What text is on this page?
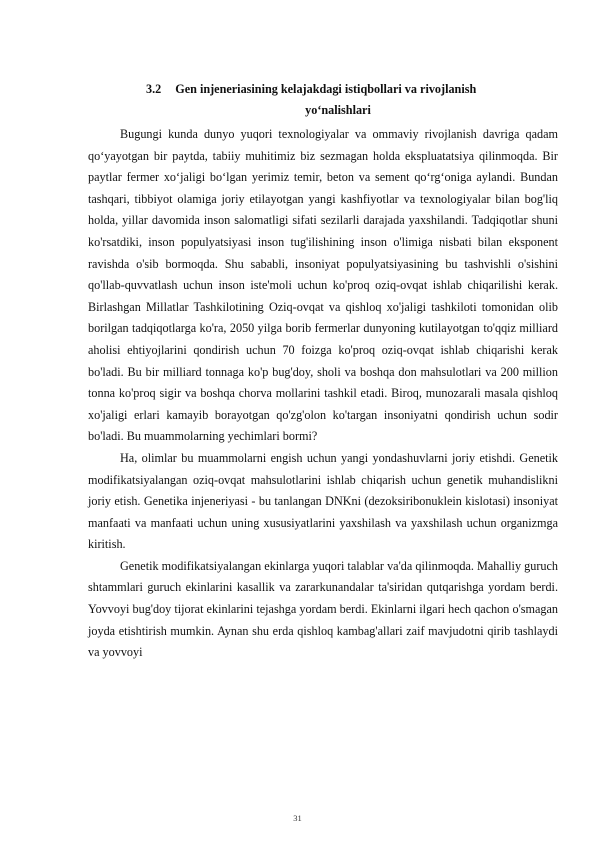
3.2 Gen injeneriasining kelajakdagi istiqbollari va rivojlanish
yo‘nalishlari

Bugungi kunda dunyo yuqori texnologiyalar va ommaviy rivojlanish davriga qadam qo‘yayotgan bir paytda, tabiiy muhitimiz biz sezmagan holda ekspluatatsiya qilinmoqda. Bir paytlar fermer xo‘jaligi bo‘lgan yerimiz temir, beton va sement qo‘rg‘oniga aylandi. Bundan tashqari, tibbiyot olamiga joriy etilayotgan yangi kashfiyotlar va texnologiyalar bilan bog'liq holda, yillar davomida inson salomatligi sifati sezilarli darajada yaxshilandi. Tadqiqotlar shuni ko'rsatdiki, inson populyatsiyasi inson tug'ilishining inson o'limiga nisbati bilan eksponent ravishda o'sib bormoqda. Shu sababli, insoniyat populyatsiyasining bu tashvishli o'sishini qo'llab-quvvatlash uchun inson iste'moli uchun ko'proq oziq-ovqat ishlab chiqarilishi kerak. Birlashgan Millatlar Tashkilotining Oziq-ovqat va qishloq xo'jaligi tashkiloti tomonidan olib borilgan tadqiqotlarga ko'ra, 2050 yilga borib fermerlar dunyoning kutilayotgan to'qqiz milliard aholisi ehtiyojlarini qondirish uchun 70 foizga ko'proq oziq-ovqat ishlab chiqarishi kerak bo'ladi. Bu bir milliard tonnaga ko'p bug'doy, sholi va boshqa don mahsulotlari va 200 million tonna ko'proq sigir va boshqa chorva mollarini tashkil etadi. Biroq, munozarali masala qishloq xo'jaligi erlari kamayib borayotgan qo'zg'olon ko'targan insoniyatni qondirish uchun sodir bo'ladi. Bu muammolarning yechimlari bormi?

Ha, olimlar bu muammolarni engish uchun yangi yondashuvlarni joriy etishdi. Genetik modifikatsiyalangan oziq-ovqat mahsulotlarini ishlab chiqarish uchun genetik muhandislikni joriy etish. Genetika injeneriyasi - bu tanlangan DNKni (dezoksiribonuklein kislotasi) insoniyat manfaati va manfaati uchun uning xususiyatlarini yaxshilash va yaxshilash uchun organizmga kiritish.

Genetik modifikatsiyalangan ekinlarga yuqori talablar va'da qilinmoqda. Mahalliy guruch shtammlari guruch ekinlarini kasallik va zararkunandalar ta'siridan qutqarishga yordam berdi. Yovvoyi bug'doy tijorat ekinlarini tejashga yordam berdi. Ekinlarni ilgari hech qachon o'smagan joyda etishtirish mumkin. Aynan shu erda qishloq kambag'allari zaif mavjudotni qirib tashlaydi va yovvoyi

31
